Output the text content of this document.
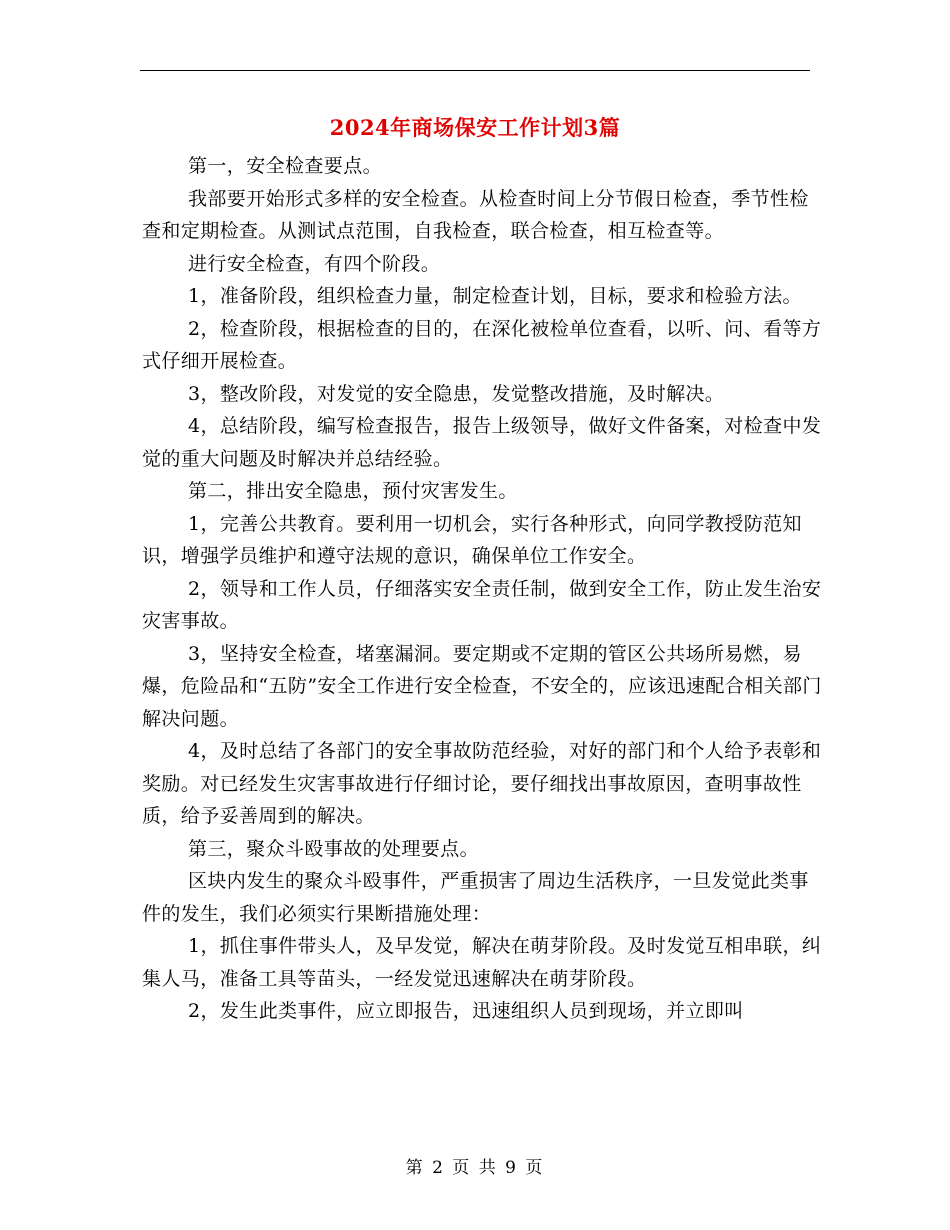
2024年商场保安工作计划3篇

第一，安全检查要点。

我部要开始形式多样的安全检查。从检查时间上分节假日检查，季节性检查和定期检查。从测试点范围，自我检查，联合检查，相互检查等。

进行安全检查，有四个阶段。

1，准备阶段，组织检查力量，制定检查计划，目标，要求和检验方法。

2，检查阶段，根据检查的目的，在深化被检单位查看，以听、问、看等方式仔细开展检查。

3，整改阶段，对发觉的安全隐患，发觉整改措施，及时解决。

4，总结阶段，编写检查报告，报告上级领导，做好文件备案，对检查中发觉的重大问题及时解决并总结经验。

第二，排出安全隐患，预付灾害发生。

1，完善公共教育。要利用一切机会，实行各种形式，向同学教授防范知识，增强学员维护和遵守法规的意识，确保单位工作安全。

2，领导和工作人员，仔细落实安全责任制，做到安全工作，防止发生治安灾害事故。

3，坚持安全检查，堵塞漏洞。要定期或不定期的管区公共场所易燃，易爆，危险品和“五防”安全工作进行安全检查，不安全的，应该迅速配合相关部门解决问题。

4，及时总结了各部门的安全事故防范经验，对好的部门和个人给予表彰和奖励。对已经发生灾害事故进行仔细讨论，要仔细找出事故原因，查明事故性质，给予妥善周到的解决。

第三，聚众斗殴事故的处理要点。

区块内发生的聚众斗殴事件，严重损害了周边生活秩序，一旦发觉此类事件的发生，我们必须实行果断措施处理：

1，抓住事件带头人，及早发觉，解决在萌芽阶段。及时发觉互相串联，纠集人马，准备工具等苗头，一经发觉迅速解决在萌芽阶段。

2，发生此类事件，应立即报告，迅速组织人员到现场，并立即叫

第 2 页 共 9 页
